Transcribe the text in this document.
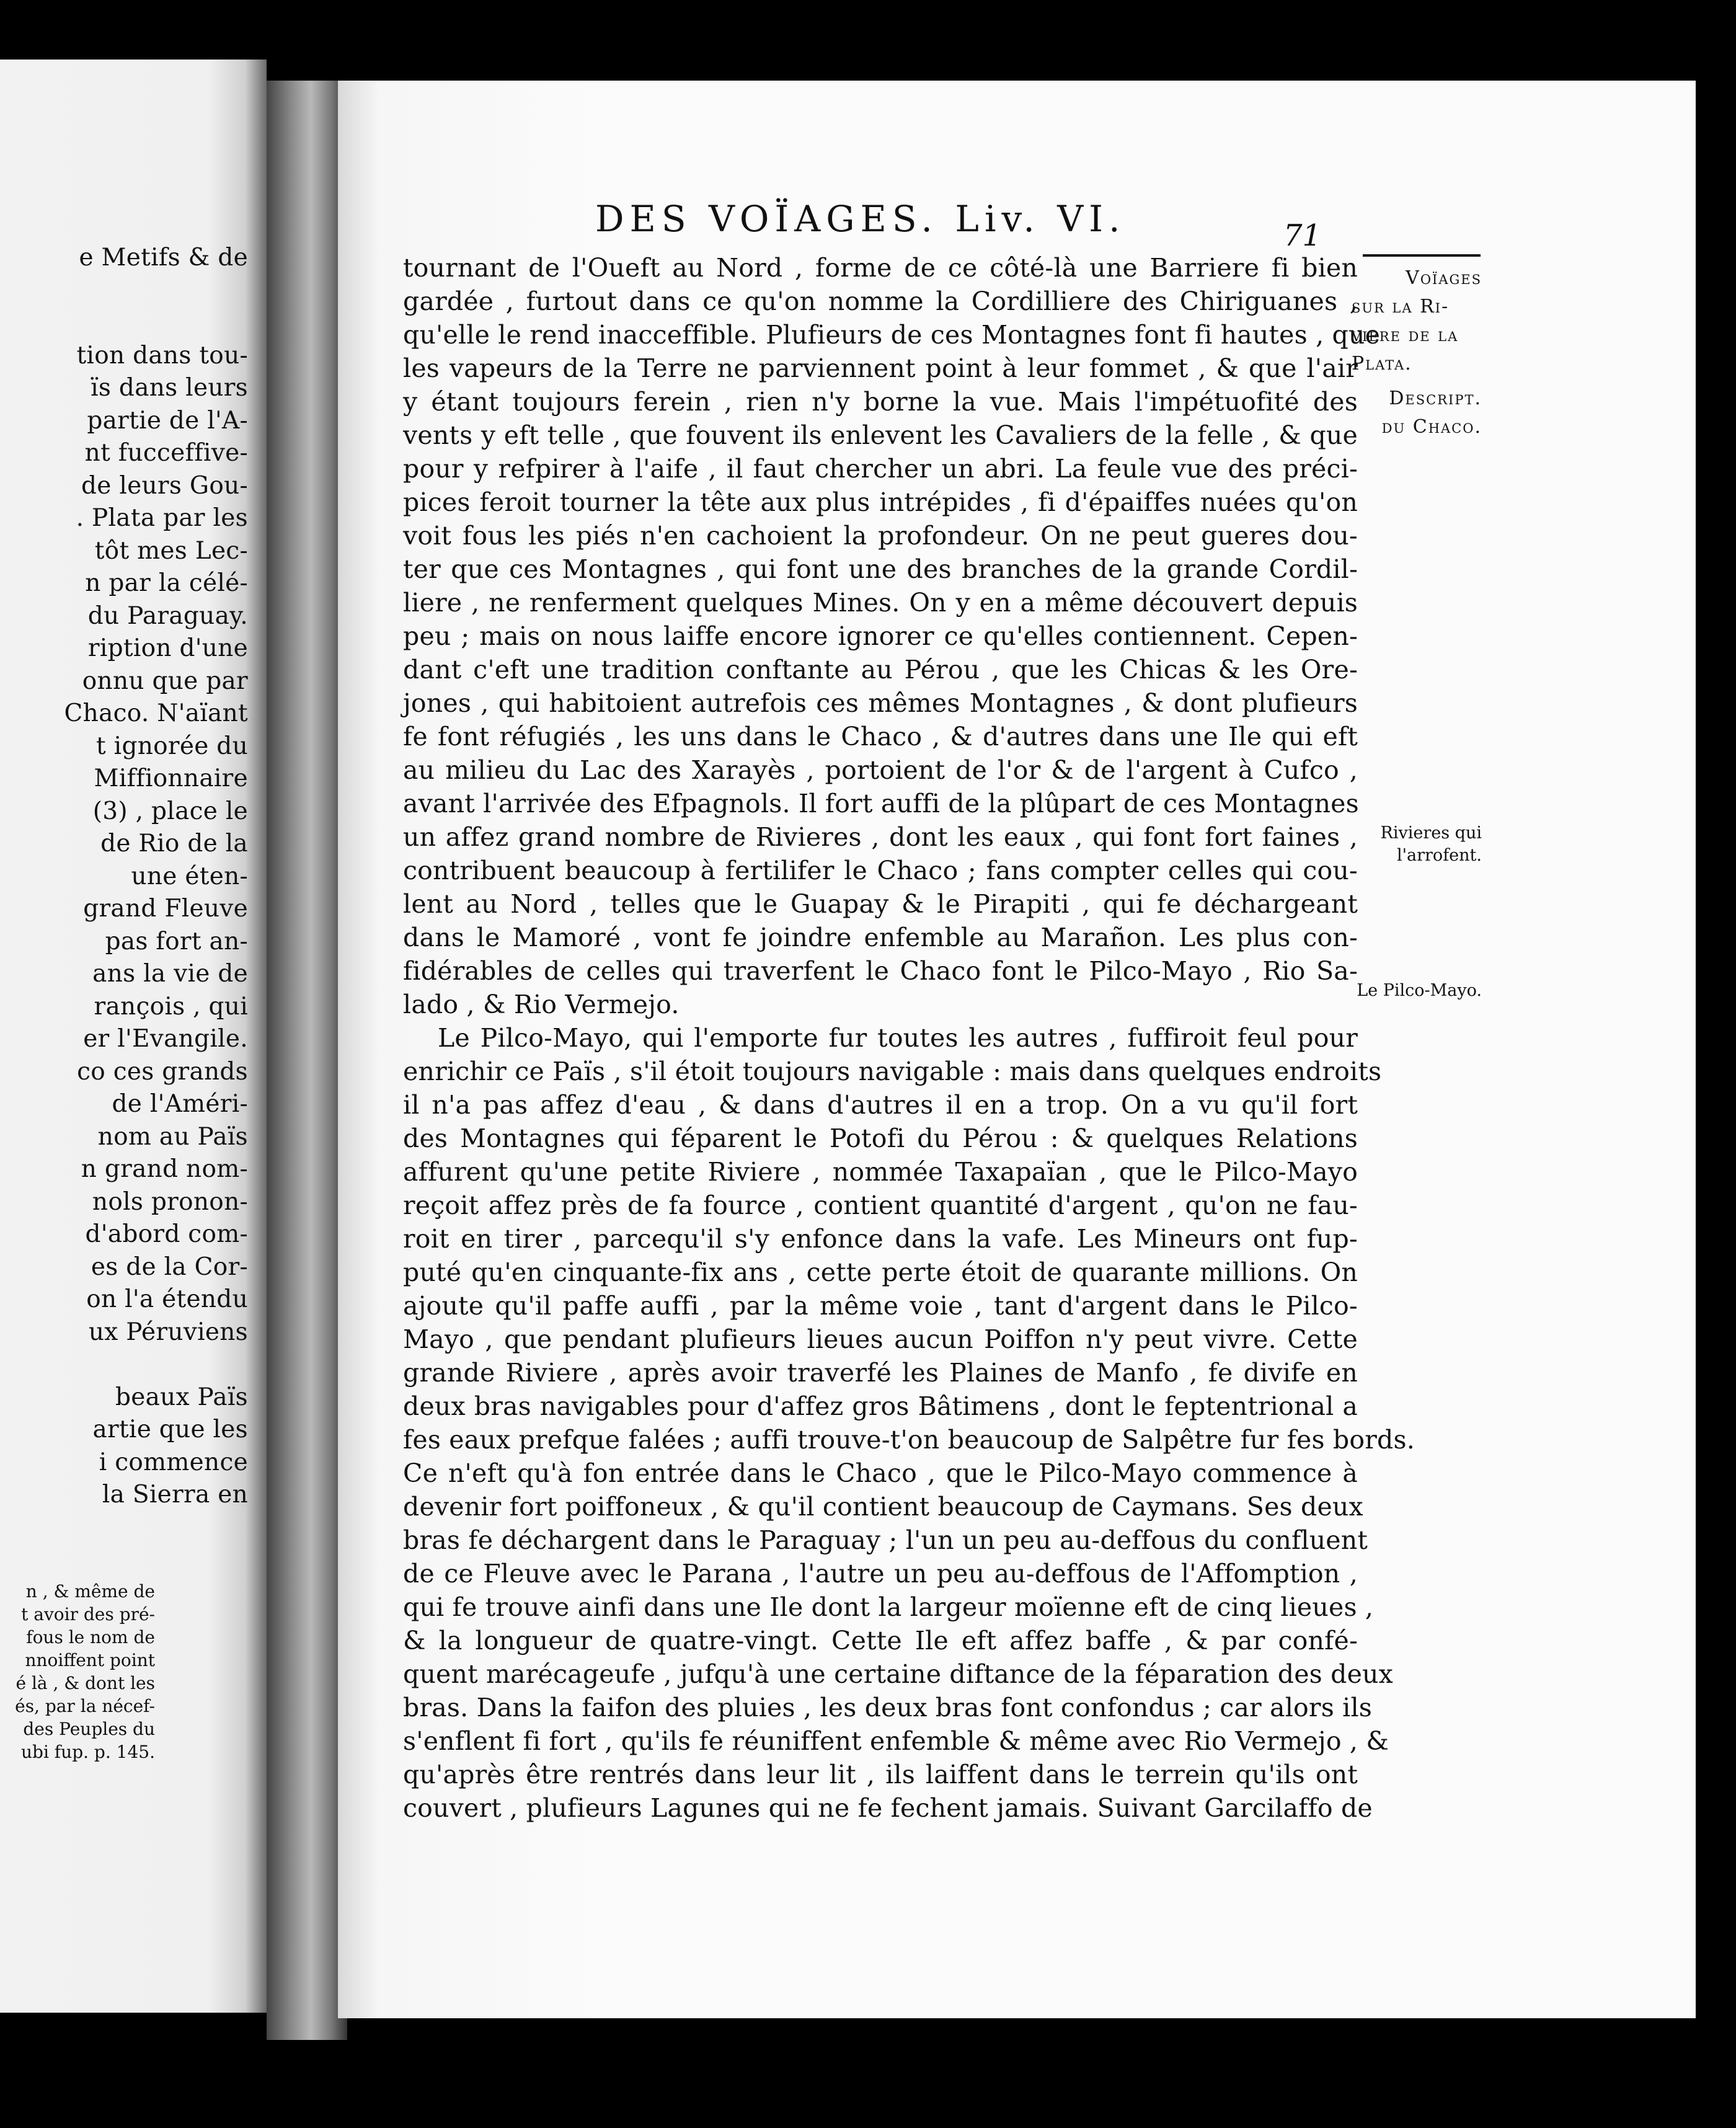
e Metifs & de
tion dans tou-
ïs dans leurs
partie de l'A-
nt fucceffive-
de leurs Gou-
. Plata par les
tôt mes Lec-
n par la célé-
du Paraguay.
ription d'une
onnu que par
Chaco. N'aïant
t ignorée du
Miffionnaire
(3) , place le
de Rio de la
une éten-
grand Fleuve
pas fort an-
ans la vie de
rançois , qui
er l'Evangile.
co ces grands
de l'Améri-
nom au Païs
n grand nom-
nols pronon-
d'abord com-
es de la Cor-
on l'a étendu
ux Péruviens
beaux Païs
artie que les
i commence
la Sierra en
n , & même de
t avoir des pré-
fous le nom de
nnoiffent point
é là , & dont les
és, par la nécef-
des Peuples du
ubi fup. p. 145.
DES VOÏAGES. Liv. VI.	71
tournant de l'Oueft au Nord , forme de ce côté-là une Barriere fi bien
gardée , furtout dans ce qu'on nomme la Cordilliere des Chiriguanes ,
qu'elle le rend inacceffible. Plufieurs de ces Montagnes font fi hautes , que
les vapeurs de la Terre ne parviennent point à leur fommet , & que l'air
y étant toujours ferein , rien n'y borne la vue. Mais l'impétuofité des
vents y eft telle , que fouvent ils enlevent les Cavaliers de la felle , & que
pour y refpirer à l'aife , il faut chercher un abri. La feule vue des préci-
pices feroit tourner la tête aux plus intrépides , fi d'épaiffes nuées qu'on
voit fous les piés n'en cachoient la profondeur. On ne peut gueres dou-
ter que ces Montagnes , qui font une des branches de la grande Cordil-
liere , ne renferment quelques Mines. On y en a même découvert depuis
peu ; mais on nous laiffe encore ignorer ce qu'elles contiennent. Cepen-
dant c'eft une tradition conftante au Pérou , que les Chicas & les Ore-
jones , qui habitoient autrefois ces mêmes Montagnes , & dont plufieurs
fe font réfugiés , les uns dans le Chaco , & d'autres dans une Ile qui eft
au milieu du Lac des Xarayès , portoient de l'or & de l'argent à Cufco ,
avant l'arrivée des Efpagnols. Il fort auffi de la plûpart de ces Montagnes
un affez grand nombre de Rivieres , dont les eaux , qui font fort faines ,
contribuent beaucoup à fertilifer le Chaco ; fans compter celles qui cou-
lent au Nord , telles que le Guapay & le Pirapiti , qui fe déchargeant
dans le Mamoré , vont fe joindre enfemble au Marañon. Les plus con-
fidérables de celles qui traverfent le Chaco font le Pilco-Mayo , Rio Sa-
lado , & Rio Vermejo.
Le Pilco-Mayo, qui l'emporte fur toutes les autres , fuffiroit feul pour
enrichir ce Païs , s'il étoit toujours navigable : mais dans quelques endroits
il n'a pas affez d'eau , & dans d'autres il en a trop. On a vu qu'il fort
des Montagnes qui féparent le Potofi du Pérou : & quelques Relations
affurent qu'une petite Riviere , nommée Taxapaïan , que le Pilco-Mayo
reçoit affez près de fa fource , contient quantité d'argent , qu'on ne fau-
roit en tirer , parcequ'il s'y enfonce dans la vafe. Les Mineurs ont fup-
puté qu'en cinquante-fix ans , cette perte étoit de quarante millions. On
ajoute qu'il paffe auffi , par la même voie , tant d'argent dans le Pilco-
Mayo , que pendant plufieurs lieues aucun Poiffon n'y peut vivre. Cette
grande Riviere , après avoir traverfé les Plaines de Manfo , fe divife en
deux bras navigables pour d'affez gros Bâtimens , dont le feptentrional a
fes eaux prefque falées ; auffi trouve-t'on beaucoup de Salpêtre fur fes bords.
Ce n'eft qu'à fon entrée dans le Chaco , que le Pilco-Mayo commence à
devenir fort poiffoneux , & qu'il contient beaucoup de Caymans. Ses deux
bras fe déchargent dans le Paraguay ; l'un un peu au-deffous du confluent
de ce Fleuve avec le Parana , l'autre un peu au-deffous de l'Affomption ,
qui fe trouve ainfi dans une Ile dont la largeur moïenne eft de cinq lieues ,
& la longueur de quatre-vingt. Cette Ile eft affez baffe , & par confé-
quent marécageufe , jufqu'à une certaine diftance de la féparation des deux
bras. Dans la faifon des pluies , les deux bras font confondus ; car alors ils
s'enflent fi fort , qu'ils fe réuniffent enfemble & même avec Rio Vermejo , &
qu'après être rentrés dans leur lit , ils laiffent dans le terrein qu'ils ont
couvert , plufieurs Lagunes qui ne fe fechent jamais. Suivant Garcilaffo de
Voïages
sur la Ri-
viere de la
Plata.
Descript.
du Chaco.
Rivieres qui
l'arrofent.
Le Pilco-Mayo.
